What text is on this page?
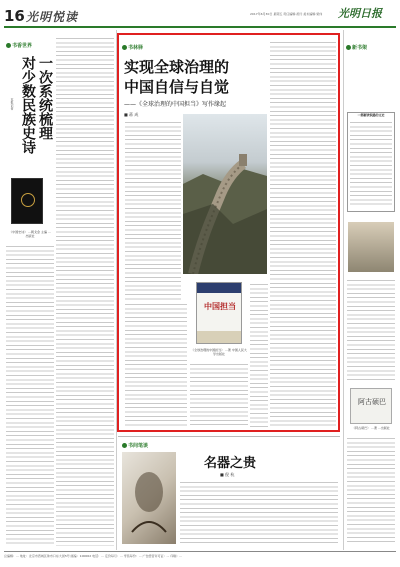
16 光明悦读	2017年6月30日 星期五 责任编辑:祝玲 美术编辑:梁伟	光明日报
书香世界
一次系统梳理
对少数民族史诗
本报记者
《中国史诗》 ...朝戈金 主编 ...出版社
书林驿
实现全球治理的
中国自信与自觉
——《全球治理的中国担当》写作缘起
■ 蒋 成
中国担当
《全球治理的中国担当》 ...著 中国人民大学出版社
书间笔谈
名器之贵
■ 倪 杭
新书架
一部解读铁路的文史
阿古硕巴
《阿古硕巴》 ...著 ...出版社
总编辑：... 地址：北京市西城区珠市口东大街5号 邮编：100062 电话：... 定价每月：... 零售每份：... 广告经营许可证：... 印刷：...
